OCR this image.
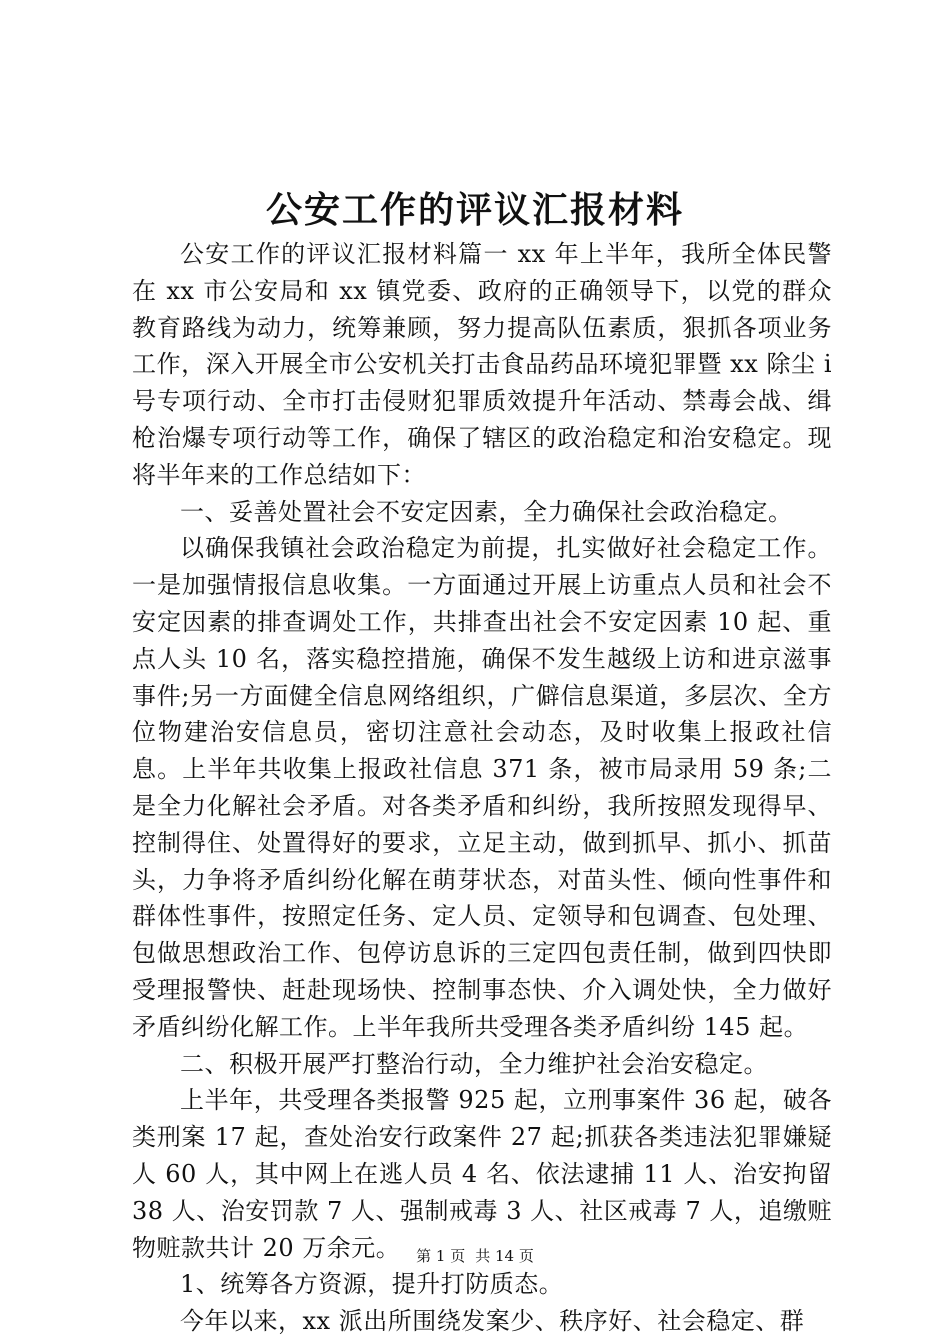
公安工作的评议汇报材料

公安工作的评议汇报材料篇一 xx 年上半年，我所全体民警在 xx 市公安局和 xx 镇党委、政府的正确领导下，以党的群众教育路线为动力，统筹兼顾，努力提高队伍素质，狠抓各项业务工作，深入开展全市公安机关打击食品药品环境犯罪暨 xx 除尘 i 号专项行动、全市打击侵财犯罪质效提升年活动、禁毒会战、缉枪治爆专项行动等工作，确保了辖区的政治稳定和治安稳定。现将半年来的工作总结如下：

一、妥善处置社会不安定因素，全力确保社会政治稳定。

以确保我镇社会政治稳定为前提，扎实做好社会稳定工作。一是加强情报信息收集。一方面通过开展上访重点人员和社会不安定因素的排查调处工作，共排查出社会不安定因素 10 起、重点人头 10 名，落实稳控措施，确保不发生越级上访和进京滋事事件;另一方面健全信息网络组织，广僻信息渠道，多层次、全方位物建治安信息员，密切注意社会动态，及时收集上报政社信息。上半年共收集上报政社信息 371 条，被市局录用 59 条;二是全力化解社会矛盾。对各类矛盾和纠纷，我所按照发现得早、控制得住、处置得好的要求，立足主动，做到抓早、抓小、抓苗头，力争将矛盾纠纷化解在萌芽状态，对苗头性、倾向性事件和群体性事件，按照定任务、定人员、定领导和包调查、包处理、包做思想政治工作、包停访息诉的三定四包责任制，做到四快即受理报警快、赶赴现场快、控制事态快、介入调处快，全力做好矛盾纠纷化解工作。上半年我所共受理各类矛盾纠纷 145 起。

二、积极开展严打整治行动，全力维护社会治安稳定。

上半年，共受理各类报警 925 起，立刑事案件 36 起，破各类刑案 17 起，查处治安行政案件 27 起;抓获各类违法犯罪嫌疑人 60 人，其中网上在逃人员 4 名、依法逮捕 11 人、治安拘留 38 人、治安罚款 7 人、强制戒毒 3 人、社区戒毒 7 人，追缴赃物赃款共计 20 万余元。

1、统筹各方资源，提升打防质态。

今年以来，xx 派出所围绕发案少、秩序好、社会稳定、群

第 1 页 共 14 页
